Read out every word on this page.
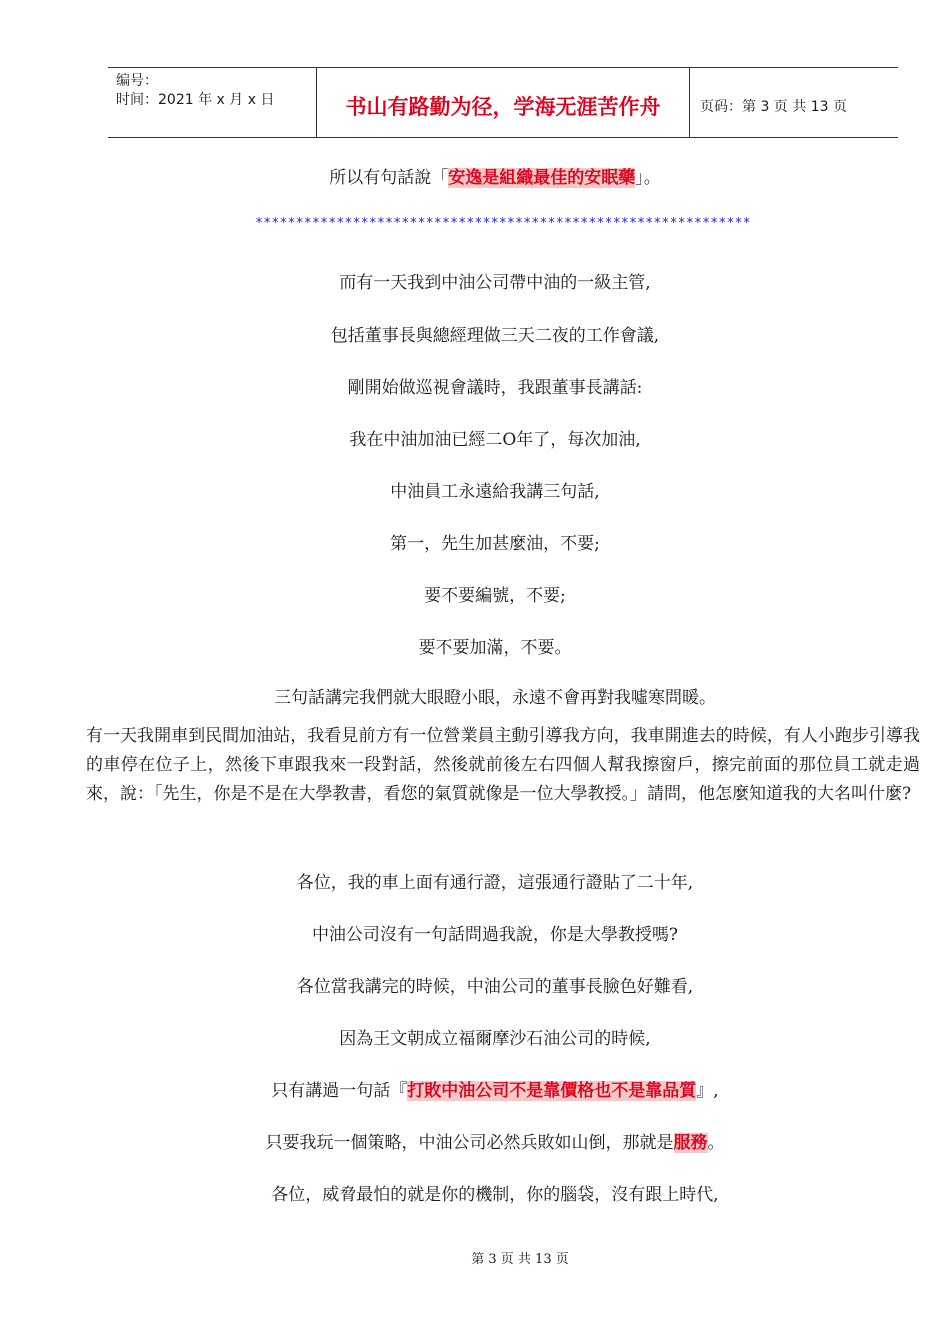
编号：
时间：2021 年 x 月 x 日	书山有路勤为径，学海无涯苦作舟	页码：第 3 页 共 13 页
所以有句話說「安逸是組織最佳的安眠藥」。
*************************************************************
而有一天我到中油公司帶中油的一級主管,
包括董事長與總經理做三天二夜的工作會議,
剛開始做巡視會議時，我跟董事長講話:
我在中油加油已經二O年了，每次加油,
中油員工永遠給我講三句話,
第一，先生加甚麼油，不要;
要不要編號，不要;
要不要加滿，不要。
三句話講完我們就大眼瞪小眼，永遠不會再對我噓寒問暖。
有一天我開車到民間加油站，我看見前方有一位營業員主動引導我方向，我車開進去的時候，有人小跑步引導我的車停在位子上，然後下車跟我來一段對話，然後就前後左右四個人幫我擦窗戶，擦完前面的那位員工就走過來，說：「先生，你是不是在大學教書，看您的氣質就像是一位大學教授。」請問，他怎麼知道我的大名叫什麼?
各位，我的車上面有通行證，這張通行證貼了二十年,
中油公司沒有一句話問過我說，你是大學教授嗎?
各位當我講完的時候，中油公司的董事長臉色好難看,
因為王文朝成立福爾摩沙石油公司的時候,
只有講過一句話『打敗中油公司不是靠價格也不是靠品質』,
只要我玩一個策略，中油公司必然兵敗如山倒，那就是服務。
各位，威脅最怕的就是你的機制，你的腦袋，沒有跟上時代,
第 3 页 共 13 页
